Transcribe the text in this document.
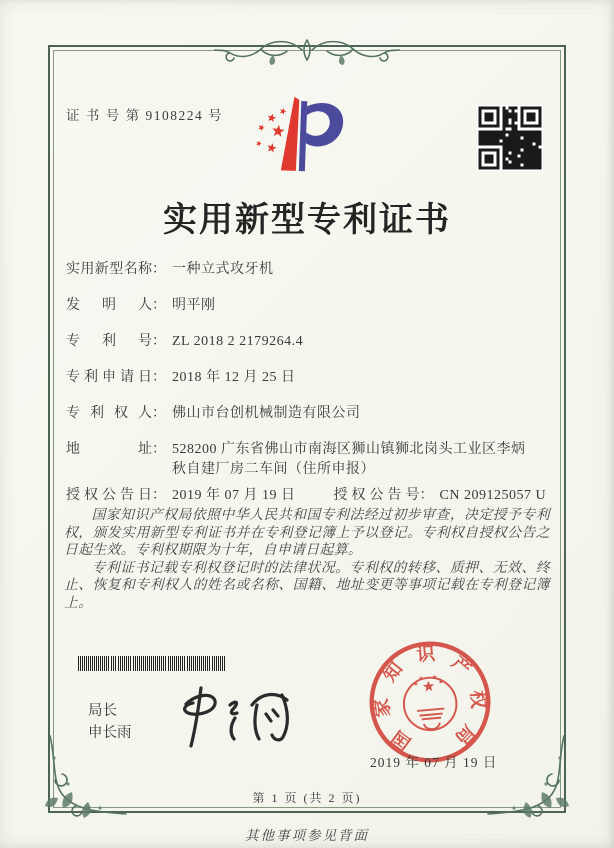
证 书 号 第 9108224 号
实用新型专利证书
实用新型名称： 一种立式攻牙机
发明人： 明平刚
专利号： ZL 2018 2 2179264.4
专利申请日： 2018 年 12 月 25 日
专利权人： 佛山市台创机械制造有限公司
地址： 528200 广东省佛山市南海区狮山镇狮北岗头工业区李炳
秋自建厂房二车间（住所申报）
授权公告日： 2019 年 07 月 19 日	授权公告号： CN 209125057 U

国家知识产权局依照中华人民共和国专利法经过初步审查，决定授予专利权，颁发实用新型专利证书并在专利登记簿上予以登记。专利权自授权公告之日起生效。专利权期限为十年，自申请日起算。

专利证书记载专利权登记时的法律状况。专利权的转移、质押、无效、终止、恢复和专利权人的姓名或名称、国籍、地址变更等事项记载在专利登记簿上。

局长
申长雨	国
家
知
识 产
权
局
2019 年 07 月 19 日
第 1 页 (共 2 页)
其他事项参见背面
